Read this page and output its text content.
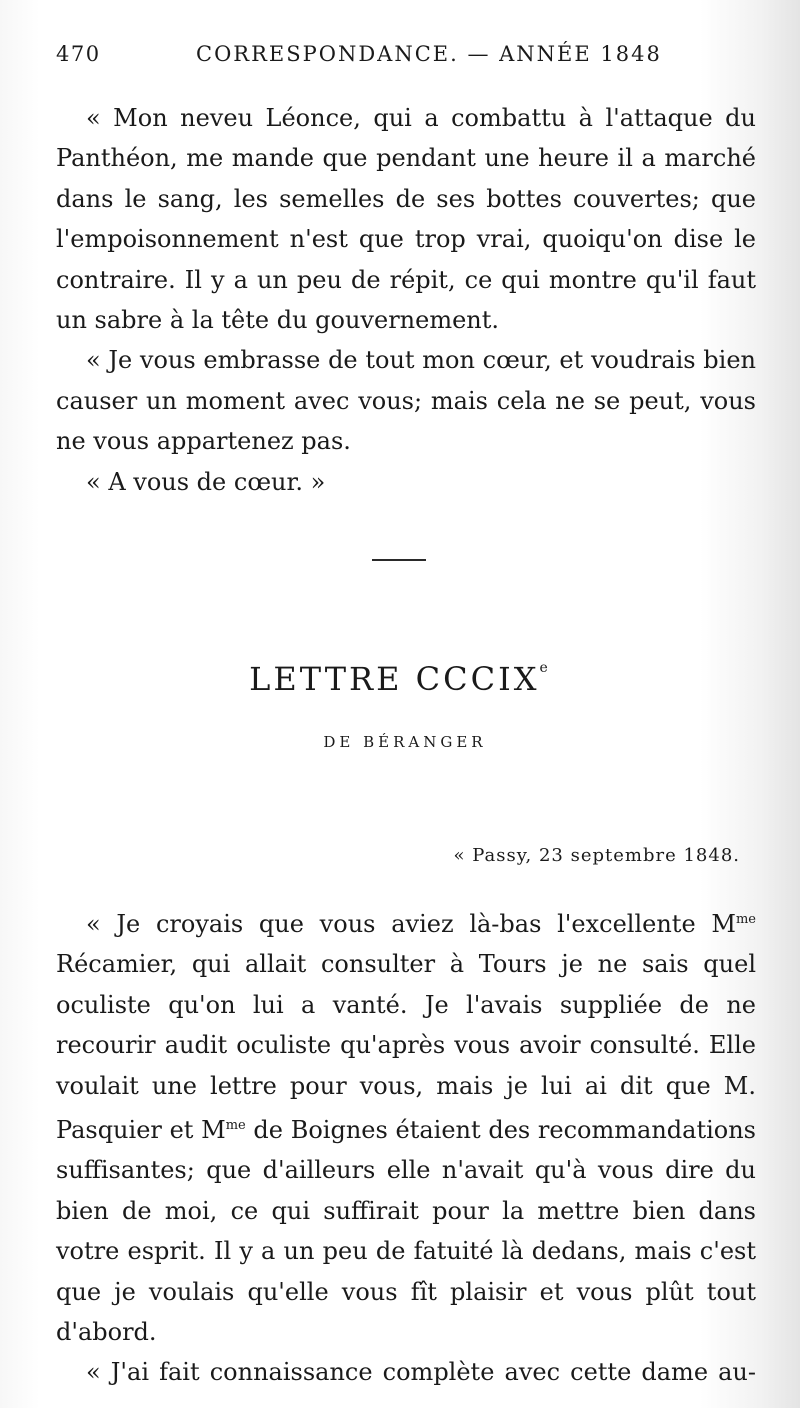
470	CORRESPONDANCE. — ANNÉE 1848

« Mon neveu Léonce, qui a combattu à l'attaque du Panthéon, me mande que pendant une heure il a marché dans le sang, les semelles de ses bottes couvertes; que l'empoisonnement n'est que trop vrai, quoiqu'on dise le contraire. Il y a un peu de répit, ce qui montre qu'il faut un sabre à la tête du gouvernement.

« Je vous embrasse de tout mon cœur, et voudrais bien causer un moment avec vous; mais cela ne se peut, vous ne vous appartenez pas.

« A vous de cœur. »

LETTRE CCCIXe
DE BÉRANGER
« Passy, 23 septembre 1848.

« Je croyais que vous aviez là-bas l'excellente $M^{me}$ Récamier, qui allait consulter à Tours je ne sais quel oculiste qu'on lui a vanté. Je l'avais suppliée de ne recourir audit oculiste qu'après vous avoir consulté. Elle voulait une lettre pour vous, mais je lui ai dit que M. Pasquier et $M^{me}$ de Boignes étaient des recommandations suffisantes; que d'ailleurs elle n'avait qu'à vous dire du bien de moi, ce qui suffirait pour la mettre bien dans votre esprit. Il y a un peu de fatuité là dedans, mais c'est que je voulais qu'elle vous fît plaisir et vous plût tout d'abord.

« J'ai fait connaissance complète avec cette dame au-
